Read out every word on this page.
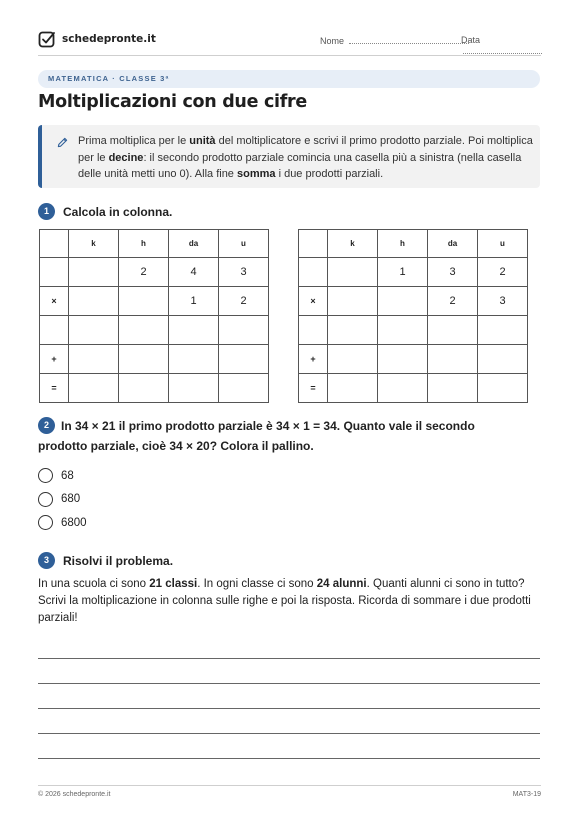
schedepronte.it	Nome	Data
MATEMATICA · CLASSE 3ª
Moltiplicazioni con due cifre
Prima moltiplica per le unità del moltiplicatore e scrivi il primo prodotto parziale. Poi moltiplica per le decine: il secondo prodotto parziale comincia una casella più a sinistra (nella casella delle unità metti uno 0). Alla fine somma i due prodotti parziali.
1	Calcola in colonna.
	k	h	da	u
		2	4	3
×			1	2

+				
=				
	k	h	da	u
		1	3	2
×			2	3

+				
=				
2 In 34 × 21 il primo prodotto parziale è 34 × 1 = 34. Quanto vale il secondo prodotto parziale, cioè 34 × 20? Colora il pallino.
68
680
6800
3	Risolvi il problema.
In una scuola ci sono 21 classi. In ogni classe ci sono 24 alunni. Quanti alunni ci sono in tutto? Scrivi la moltiplicazione in colonna sulle righe e poi la risposta. Ricorda di sommare i due prodotti parziali!
© 2026 schedepronte.it	MAT3-19
